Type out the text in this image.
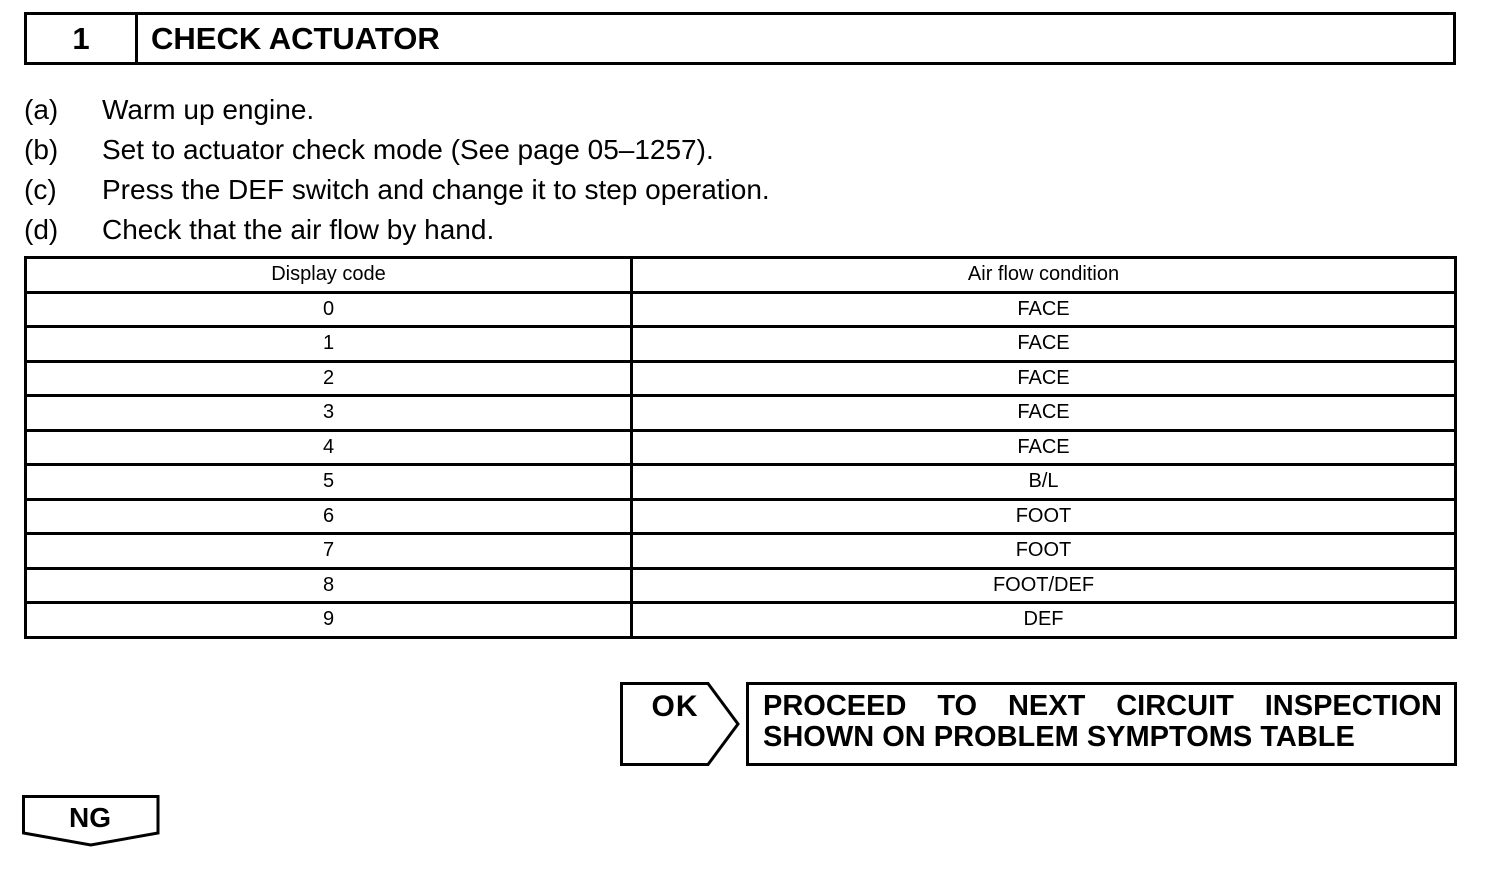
1	CHECK ACTUATOR
(a)	Warm up engine.
(b)	Set to actuator check mode (See page 05–1257).
(c)	Press the DEF switch and change it to step operation.
(d)	Check that the air flow by hand.
Display code	Air flow condition
0	FACE
1	FACE
2	FACE
3	FACE
4	FACE
5	B/L
6	FOOT
7	FOOT
8	FOOT/DEF
9	DEF
OK	PROCEED TO NEXT CIRCUIT INSPECTION
SHOWN ON PROBLEM SYMPTOMS TABLE
NG
